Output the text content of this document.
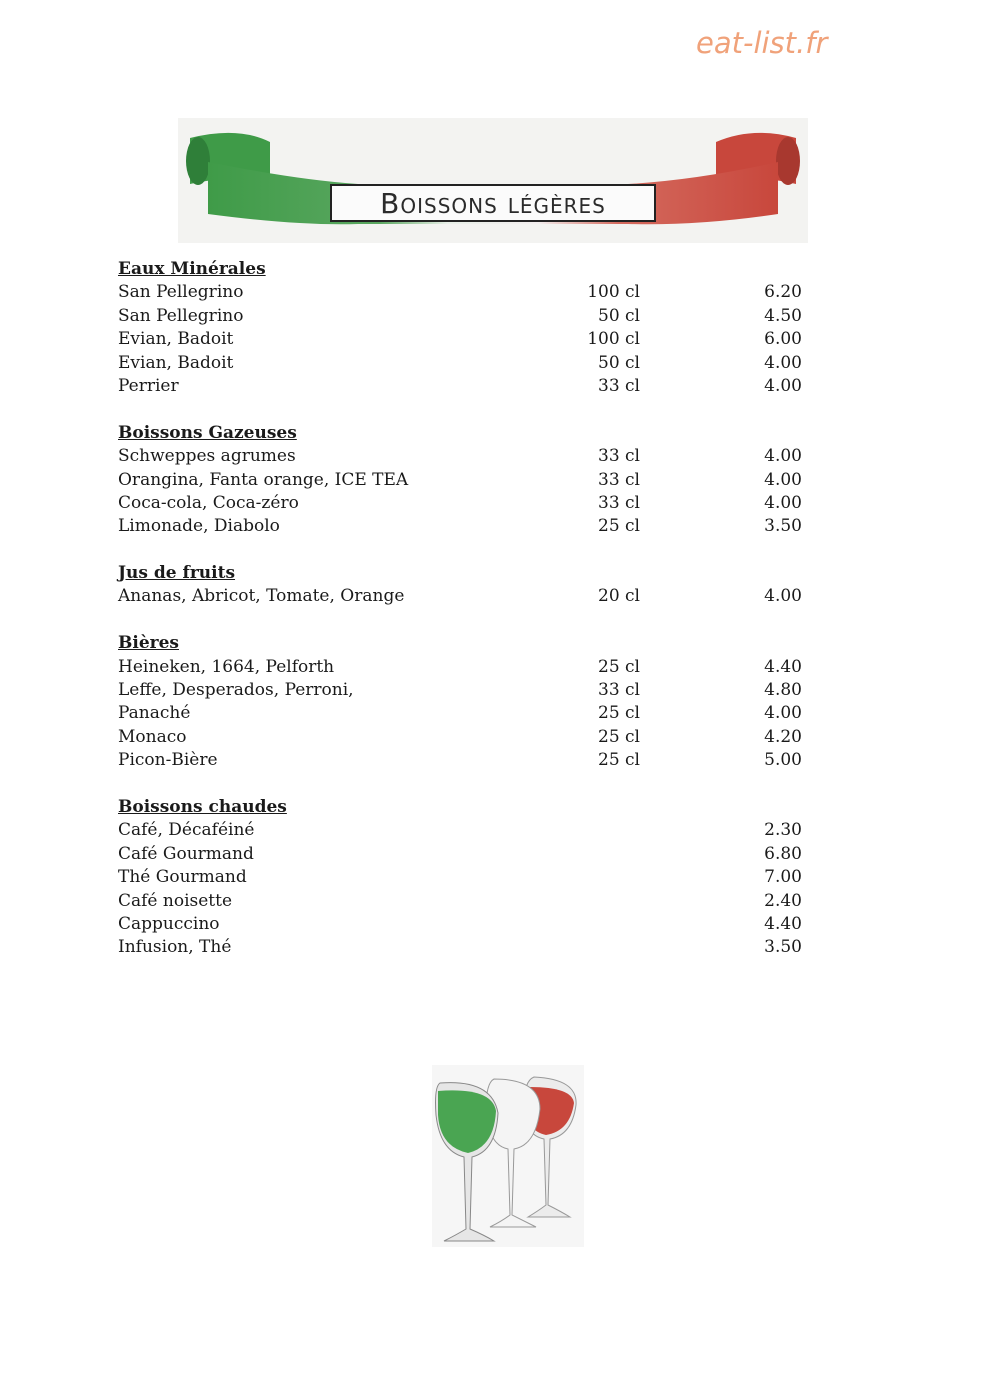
eat-list.fr
Boissons légères
Eaux Minérales
San Pellegrino	100 cl	6.20
San Pellegrino	50 cl	4.50
Evian, Badoit	100 cl	6.00
Evian, Badoit	50 cl	4.00
Perrier	33 cl	4.00
Boissons Gazeuses
Schweppes agrumes	33 cl	4.00
Orangina, Fanta orange, ICE TEA	33 cl	4.00
Coca-cola, Coca-zéro	33 cl	4.00
Limonade, Diabolo	25 cl	3.50
Jus de fruits
Ananas, Abricot, Tomate, Orange	20 cl	4.00
Bières
Heineken, 1664, Pelforth	25 cl	4.40
Leffe, Desperados, Perroni,	33 cl	4.80
Panaché	25 cl	4.00
Monaco	25 cl	4.20
Picon-Bière	25 cl	5.00
Boissons chaudes
Café, Décaféiné	2.30
Café Gourmand	6.80
Thé Gourmand	7.00
Café noisette	2.40
Cappuccino	4.40
Infusion, Thé	3.50
